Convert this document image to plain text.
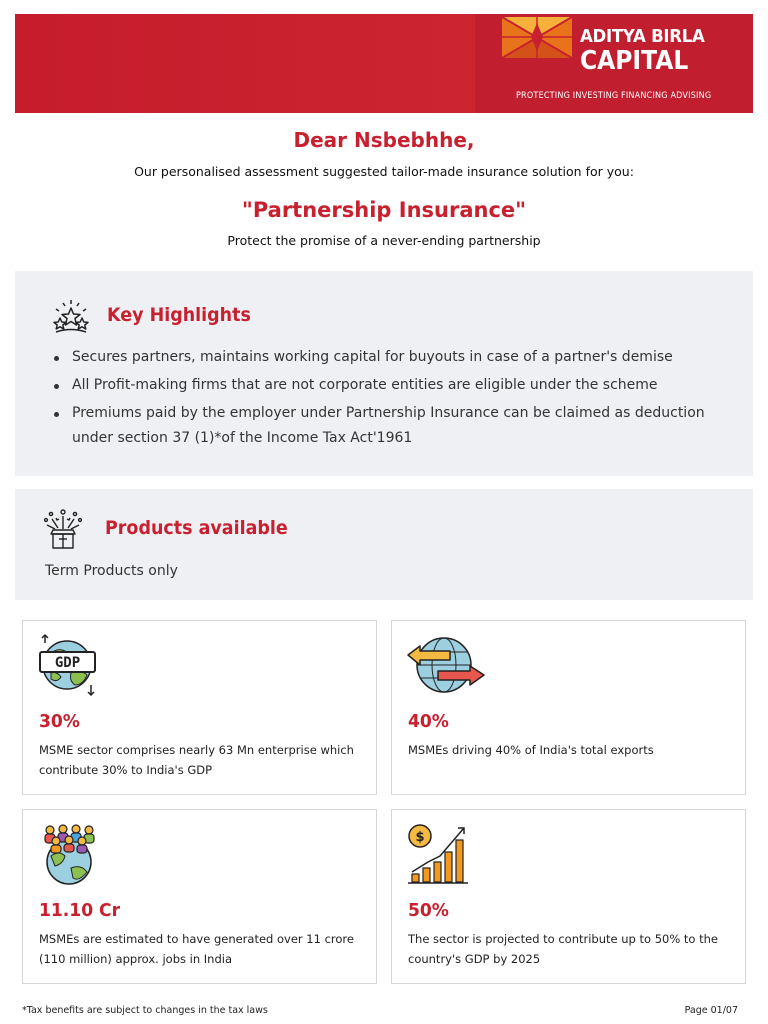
ADITYA BIRLA
CAPITAL
PROTECTING INVESTING FINANCING ADVISING
Dear Nsbebhhe,
Our personalised assessment suggested tailor-made insurance solution for you:
"Partnership Insurance"
Protect the promise of a never-ending partnership
Key Highlights
Secures partners, maintains working capital for buyouts in case of a partner's demise
All Profit-making firms that are not corporate entities are eligible under the scheme
Premiums paid by the employer under Partnership Insurance can be claimed as deduction under section 37 (1)*of the Income Tax Act'1961
Products available
Term Products only
GDP
30%
MSME sector comprises nearly 63 Mn enterprise which contribute 30% to India's GDP
40%
MSMEs driving 40% of India's total exports
11.10 Cr
MSMEs are estimated to have generated over 11 crore (110 million) approx. jobs in India
$
50%
The sector is projected to contribute up to 50% to the country's GDP by 2025
*Tax benefits are subject to changes in the tax laws	Page 01/07
